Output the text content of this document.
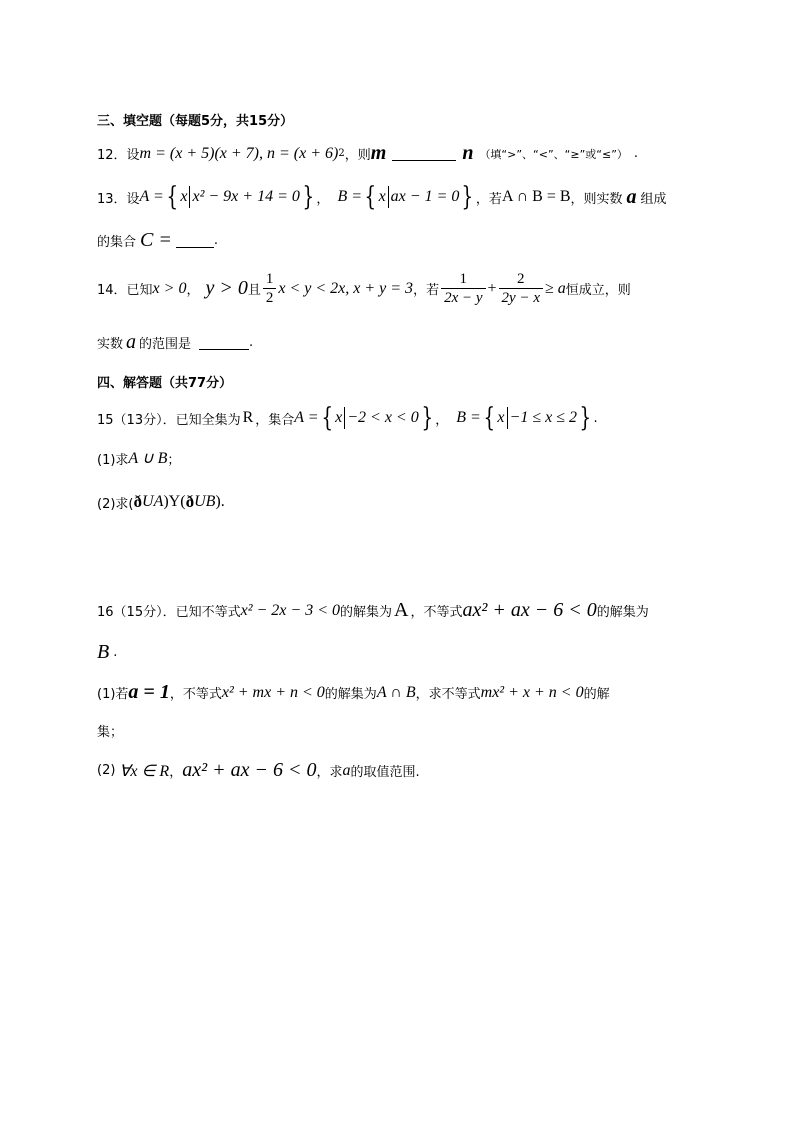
三、填空题（每题5分，共15分）
12．设 m = (x + 5)(x + 7), n = (x + 6) 2 ，则 m	n （填“>”、“<”、“≥”或“≤”） .
13．设 A = { x x² − 9x + 14 = 0 } ， B = { x ax − 1 = 0 } ，若 A ∩ B = B ，则实数 a 组成
的集合 C =	.
14．已知 x > 0 ， y > 0 且 $\frac{1}{2}$ x < y < 2x, x + y = 3 ，若 $\frac{1}{2x - y} + \frac{2}{2y - x} \ge a$ 恒成立，则
实数 a 的范围是	.
四、解答题（共77分）
15（13分）．已知全集为 R ，集合 A = { x −2 < x < 0 } ， B = { x −1 ≤ x ≤ 2 } .
(1)求 A ∪ B ；
(2)求( ð U A )Y( ð U B ).
16（15分）．已知不等式 x² − 2x − 3 < 0 的解集为 A ，不等式 ax² + ax − 6 < 0 的解集为
B .
(1)若 a = 1 ，不等式 x² + mx + n < 0 的解集为 A ∩ B ，求不等式 mx² + x + n < 0 的解
集；
(2) ∀x ∈ R ， ax² + ax − 6 < 0 ，求 a 的取值范围.
